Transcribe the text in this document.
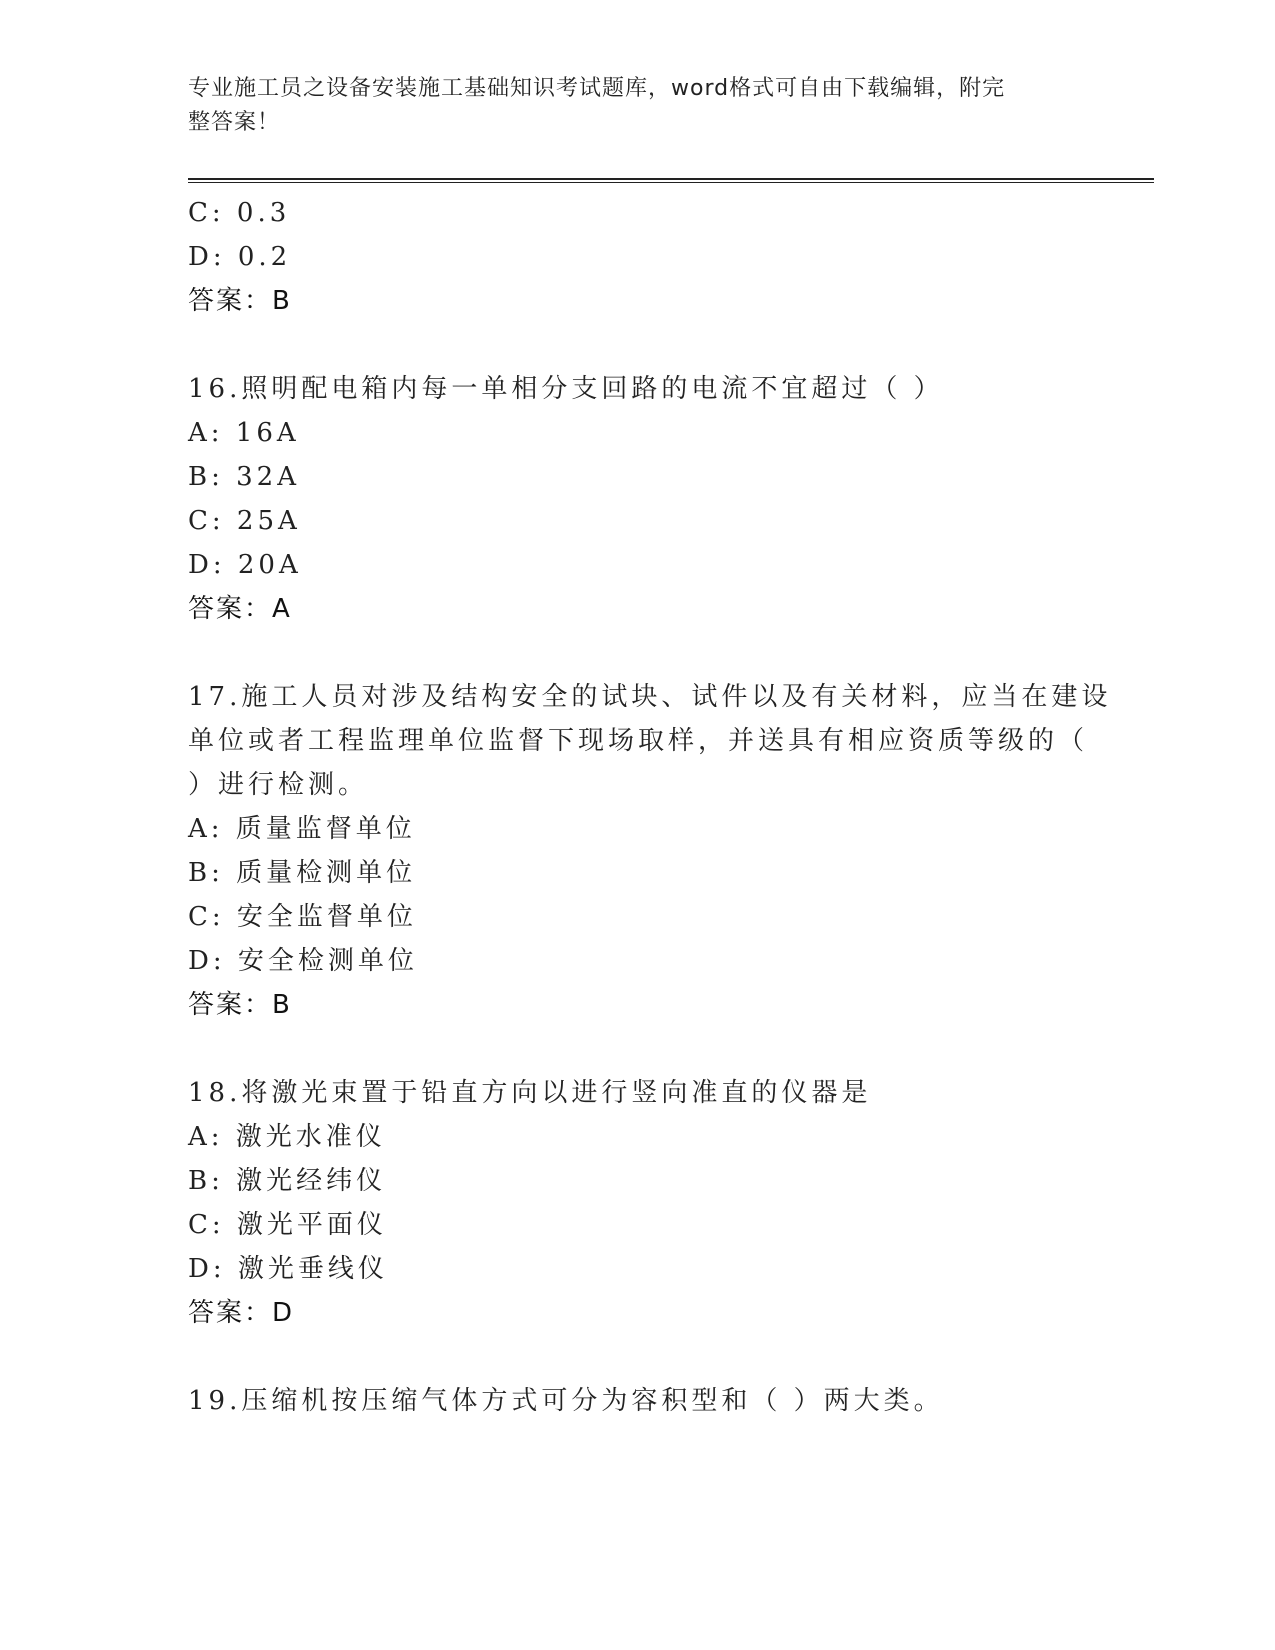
专业施工员之设备安装施工基础知识考试题库，word格式可自由下载编辑，附完
整答案！
C: 0.3
D: 0.2
答案：B
16.照明配电箱内每一单相分支回路的电流不宜超过（ ）
A: 16A
B: 32A
C: 25A
D: 20A
答案：A
17.施工人员对涉及结构安全的试块、试件以及有关材料，应当在建设
单位或者工程监理单位监督下现场取样，并送具有相应资质等级的（
）进行检测。
A: 质量监督单位
B: 质量检测单位
C: 安全监督单位
D: 安全检测单位
答案：B
18.将激光束置于铅直方向以进行竖向准直的仪器是
A: 激光水准仪
B: 激光经纬仪
C: 激光平面仪
D: 激光垂线仪
答案：D
19.压缩机按压缩气体方式可分为容积型和（ ）两大类。
